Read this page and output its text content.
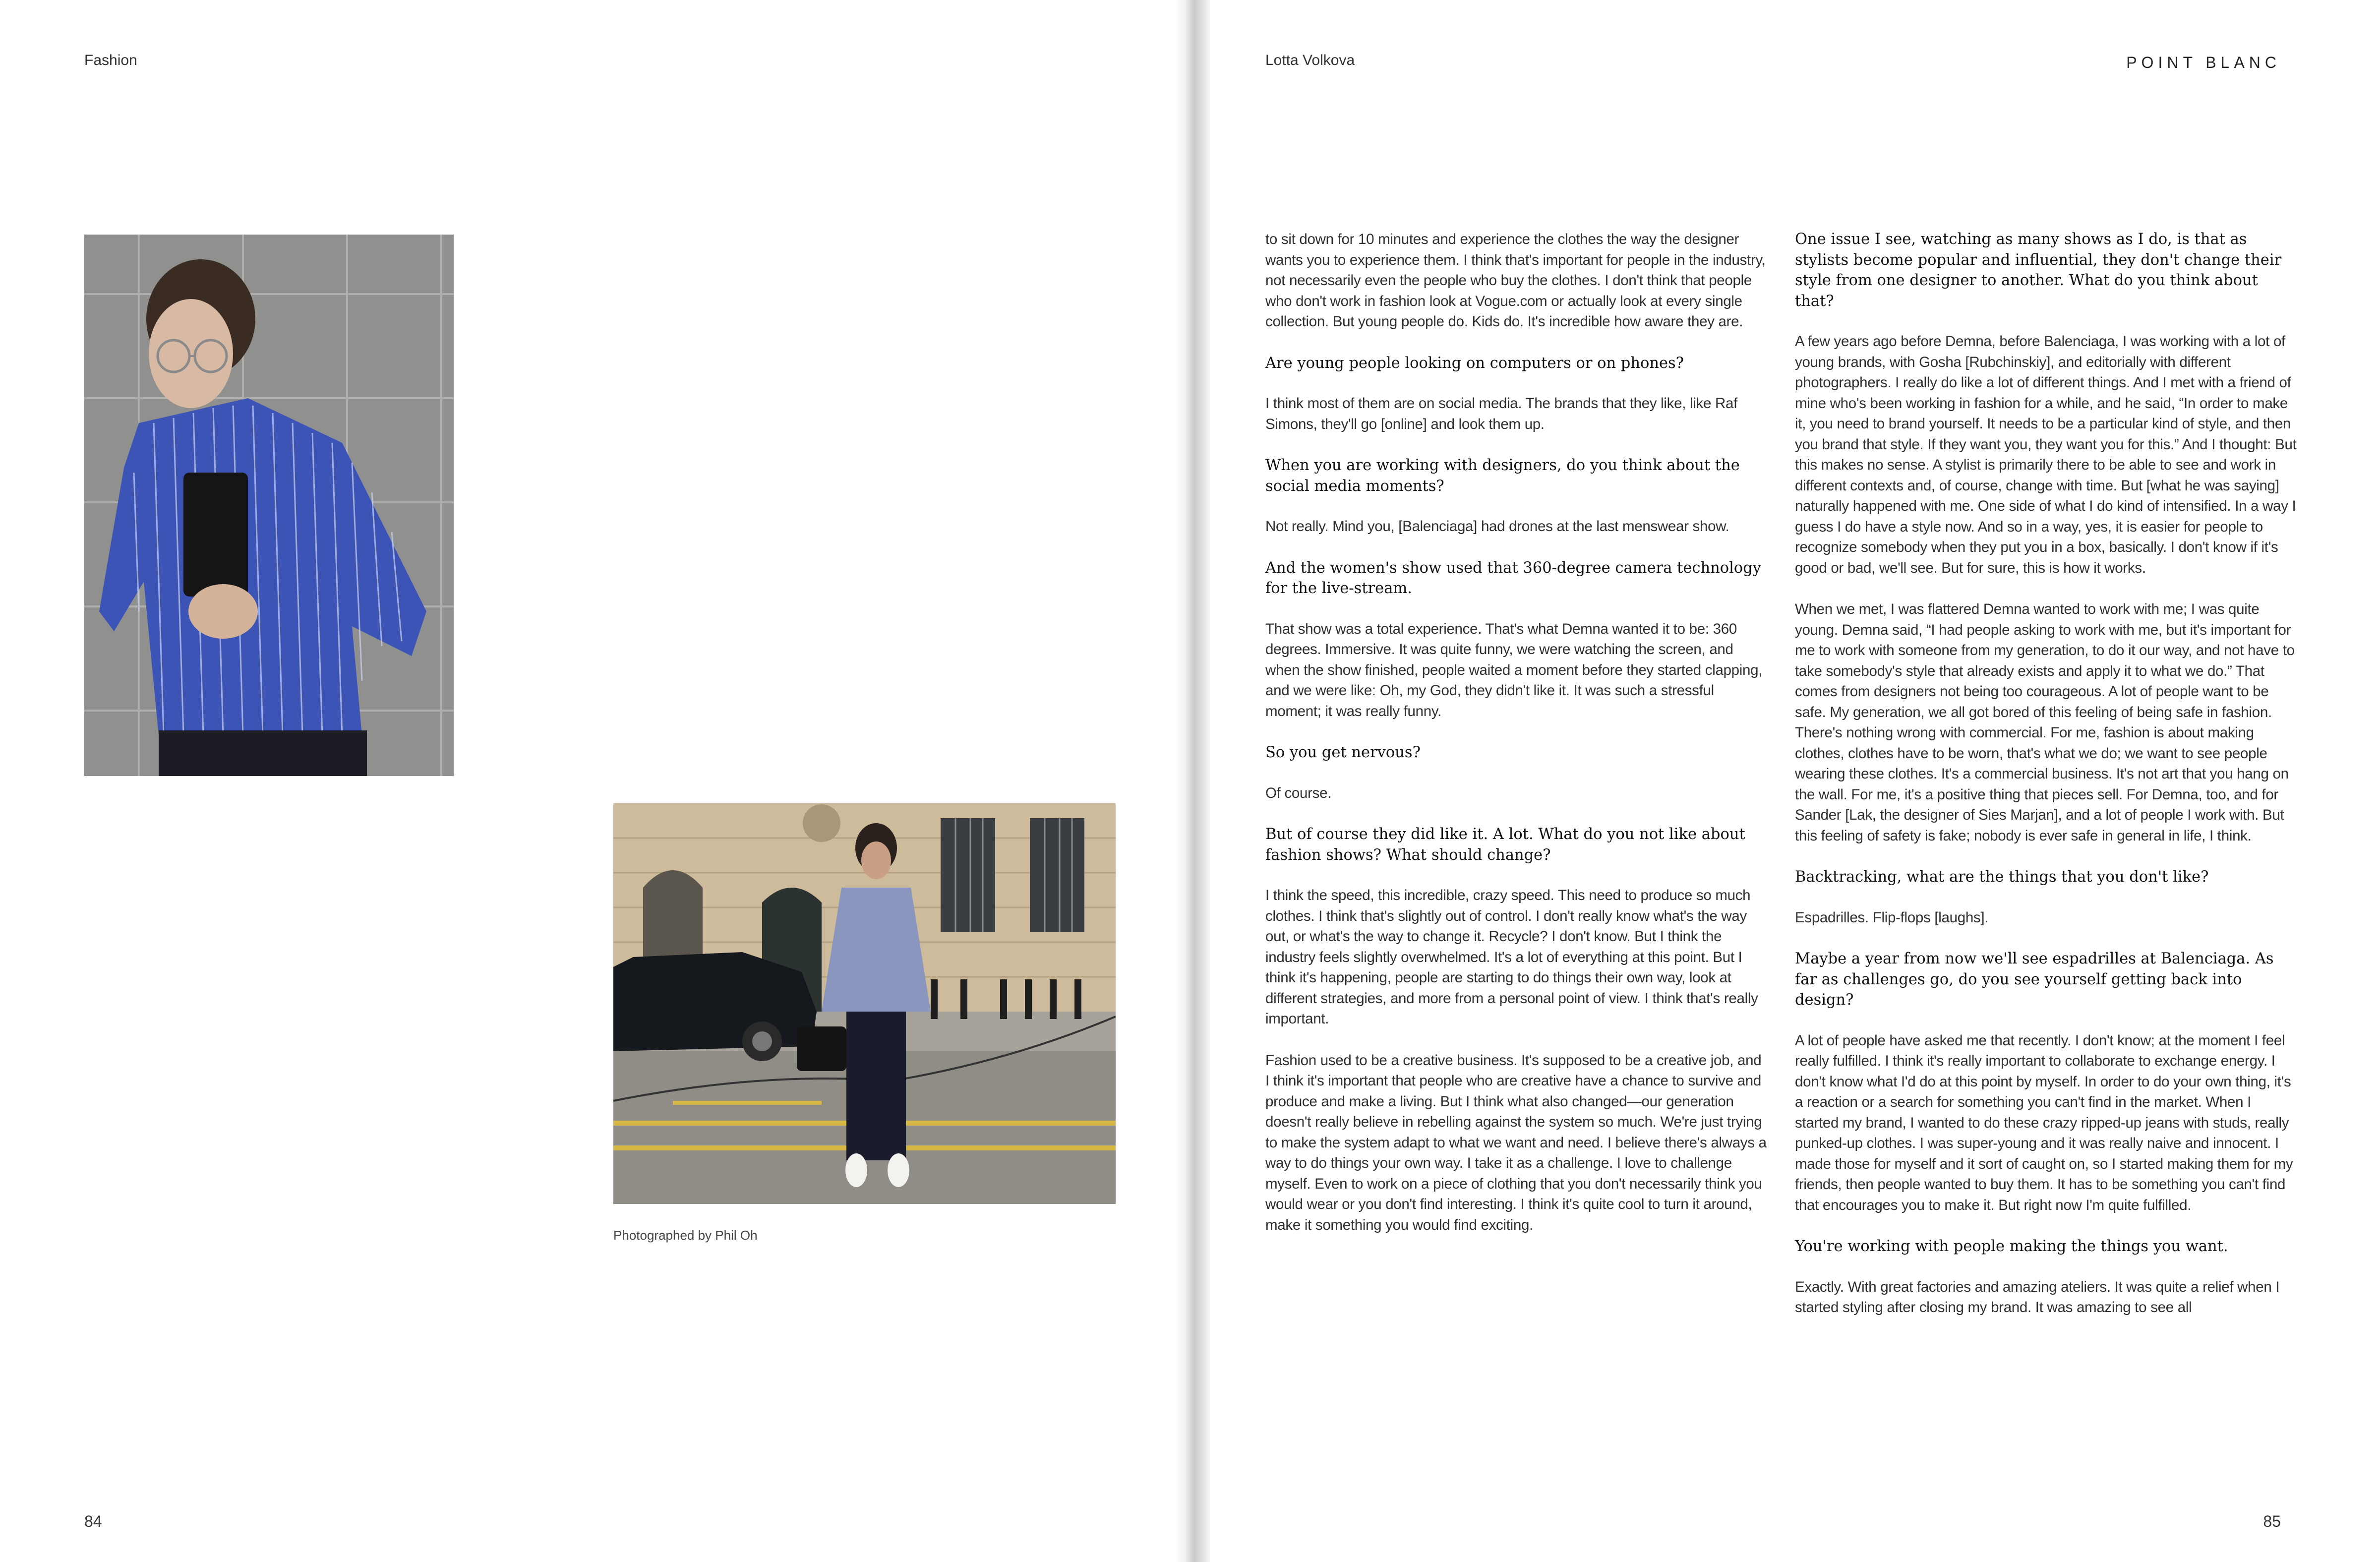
Fashion
Photographed by Phil Oh
84
Lotta Volkova	POINT BLANC

to sit down for 10 minutes and experience the clothes the way the designer wants you to experience them. I think that's important for people in the industry, not necessarily even the people who buy the clothes. I don't think that people who don't work in fashion look at Vogue.com or actually look at every single collection. But young people do. Kids do. It's incredible how aware they are.

Are young people looking on computers or on phones?

I think most of them are on social media. The brands that they like, like Raf Simons, they'll go [online] and look them up.

When you are working with designers, do you think about the social media moments?

Not really. Mind you, [Balenciaga] had drones at the last menswear show.

And the women's show used that 360-degree camera technology for the live-stream.

That show was a total experience. That's what Demna wanted it to be: 360 degrees. Immersive. It was quite funny, we were watching the screen, and when the show finished, people waited a moment before they started clapping, and we were like: Oh, my God, they didn't like it. It was such a stressful moment; it was really funny.

So you get nervous?

Of course.

But of course they did like it. A lot. What do you not like about fashion shows? What should change?

I think the speed, this incredible, crazy speed. This need to produce so much clothes. I think that's slightly out of control. I don't really know what's the way out, or what's the way to change it. Recycle? I don't know. But I think the industry feels slightly overwhelmed. It's a lot of everything at this point. But I think it's happening, people are starting to do things their own way, look at different strategies, and more from a personal point of view. I think that's really important.

Fashion used to be a creative business. It's supposed to be a creative job, and I think it's important that people who are creative have a chance to survive and produce and make a living. But I think what also changed—our generation doesn't really believe in rebelling against the system so much. We're just trying to make the system adapt to what we want and need. I believe there's always a way to do things your own way. I take it as a challenge. I love to challenge myself. Even to work on a piece of clothing that you don't necessarily think you would wear or you don't find interesting. I think it's quite cool to turn it around, make it something you would find exciting.

One issue I see, watching as many shows as I do, is that as stylists become popular and influential, they don't change their style from one designer to another. What do you think about that?

A few years ago before Demna, before Balenciaga, I was working with a lot of young brands, with Gosha [Rubchinskiy], and editorially with different photographers. I really do like a lot of different things. And I met with a friend of mine who's been working in fashion for a while, and he said, “In order to make it, you need to brand yourself. It needs to be a particular kind of style, and then you brand that style. If they want you, they want you for this.” And I thought: But this makes no sense. A stylist is primarily there to be able to see and work in different contexts and, of course, change with time. But [what he was saying] naturally happened with me. One side of what I do kind of intensified. In a way I guess I do have a style now. And so in a way, yes, it is easier for people to recognize somebody when they put you in a box, basically. I don't know if it's good or bad, we'll see. But for sure, this is how it works.

When we met, I was flattered Demna wanted to work with me; I was quite young. Demna said, “I had people asking to work with me, but it's important for me to work with someone from my generation, to do it our way, and not have to take somebody's style that already exists and apply it to what we do.” That comes from designers not being too courageous. A lot of people want to be safe. My generation, we all got bored of this feeling of being safe in fashion. There's nothing wrong with commercial. For me, fashion is about making clothes, clothes have to be worn, that's what we do; we want to see people wearing these clothes. It's a commercial business. It's not art that you hang on the wall. For me, it's a positive thing that pieces sell. For Demna, too, and for Sander [Lak, the designer of Sies Marjan], and a lot of people I work with. But this feeling of safety is fake; nobody is ever safe in general in life, I think.

Backtracking, what are the things that you don't like?

Espadrilles. Flip-flops [laughs].

Maybe a year from now we'll see espadrilles at Balenciaga. As far as challenges go, do you see yourself getting back into design?

A lot of people have asked me that recently. I don't know; at the moment I feel really fulfilled. I think it's really important to collaborate to exchange energy. I don't know what I'd do at this point by myself. In order to do your own thing, it's a reaction or a search for something you can't find in the market. When I started my brand, I wanted to do these crazy ripped-up jeans with studs, really punked-up clothes. I was super-young and it was really naive and innocent. I made those for myself and it sort of caught on, so I started making them for my friends, then people wanted to buy them. It has to be something you can't find that encourages you to make it. But right now I'm quite fulfilled.

You're working with people making the things you want.

Exactly. With great factories and amazing ateliers. It was quite a relief when I started styling after closing my brand. It was amazing to see all

85
